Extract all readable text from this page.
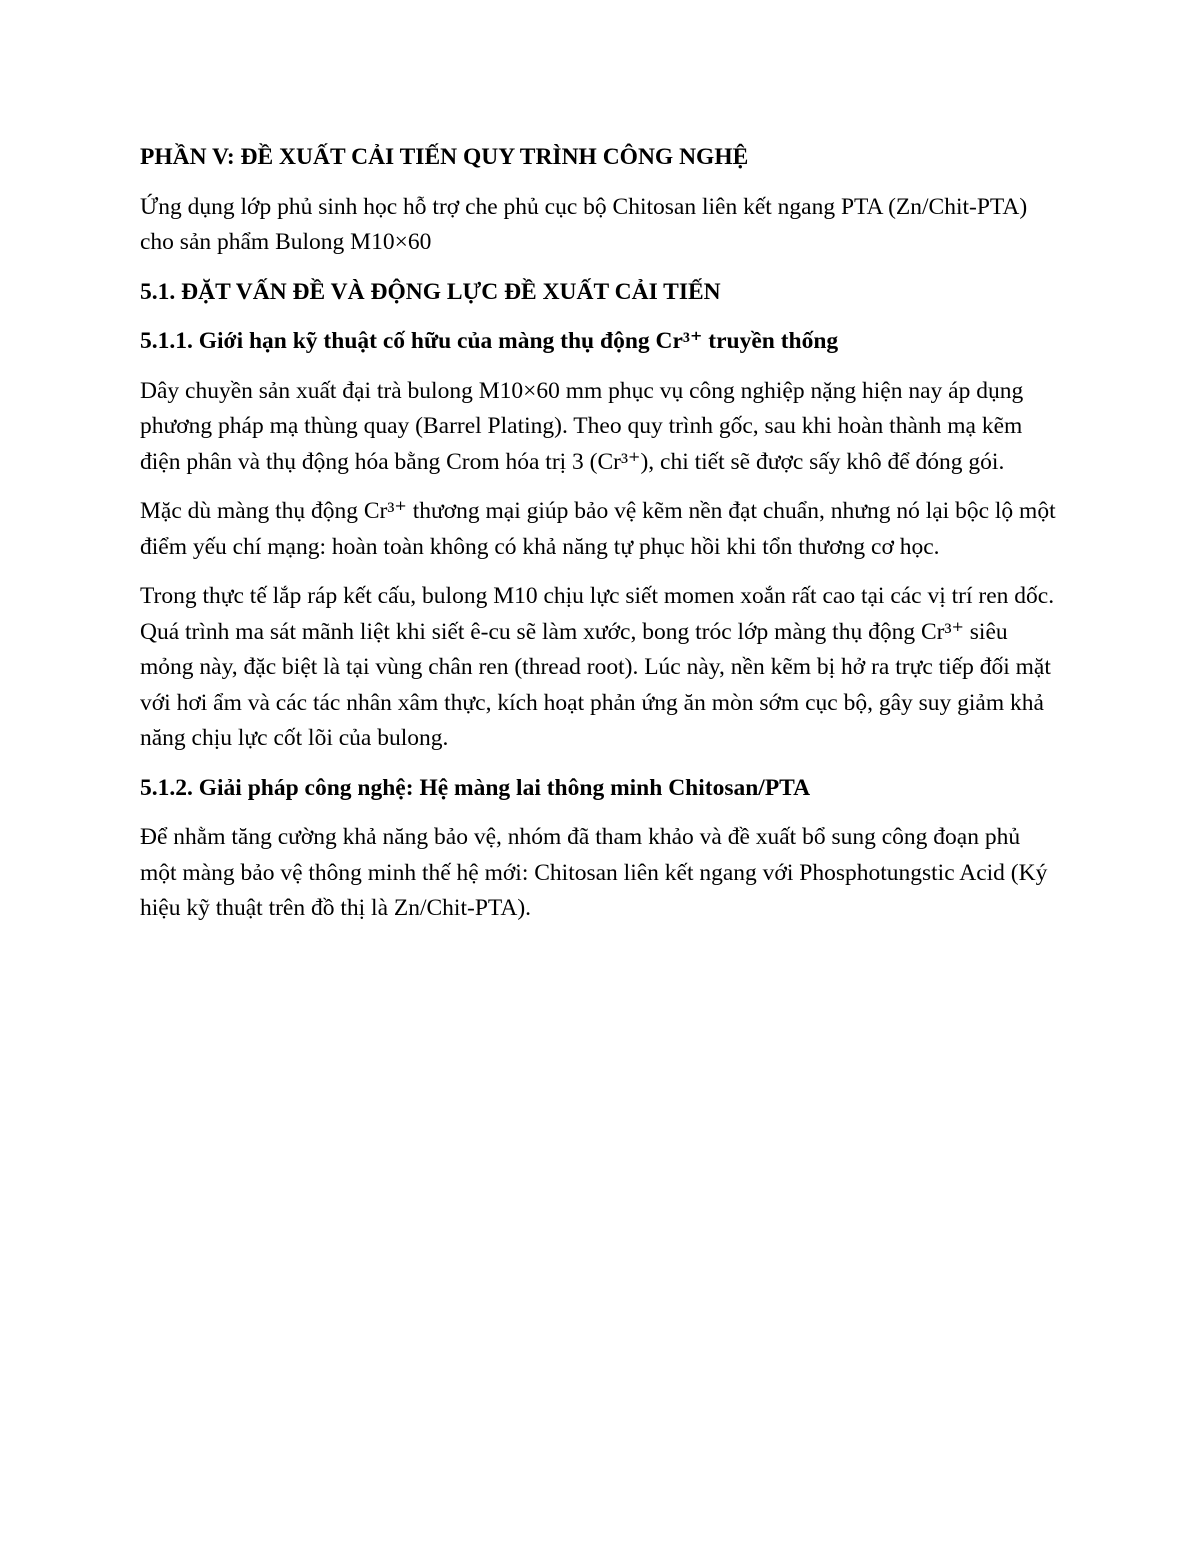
PHẦN V: ĐỀ XUẤT CẢI TIẾN QUY TRÌNH CÔNG NGHỆ

Ứng dụng lớp phủ sinh học hỗ trợ che phủ cục bộ Chitosan liên kết ngang PTA (Zn/Chit-PTA) cho sản phẩm Bulong M10×60

5.1. ĐẶT VẤN ĐỀ VÀ ĐỘNG LỰC ĐỀ XUẤT CẢI TIẾN

5.1.1. Giới hạn kỹ thuật cố hữu của màng thụ động Cr³⁺ truyền thống

Dây chuyền sản xuất đại trà bulong M10×60 mm phục vụ công nghiệp nặng hiện nay áp dụng phương pháp mạ thùng quay (Barrel Plating). Theo quy trình gốc, sau khi hoàn thành mạ kẽm điện phân và thụ động hóa bằng Crom hóa trị 3 (Cr³⁺), chi tiết sẽ được sấy khô để đóng gói.

Mặc dù màng thụ động Cr³⁺ thương mại giúp bảo vệ kẽm nền đạt chuẩn, nhưng nó lại bộc lộ một điểm yếu chí mạng: hoàn toàn không có khả năng tự phục hồi khi tổn thương cơ học.

Trong thực tế lắp ráp kết cấu, bulong M10 chịu lực siết momen xoắn rất cao tại các vị trí ren dốc. Quá trình ma sát mãnh liệt khi siết ê-cu sẽ làm xước, bong tróc lớp màng thụ động Cr³⁺ siêu mỏng này, đặc biệt là tại vùng chân ren (thread root). Lúc này, nền kẽm bị hở ra trực tiếp đối mặt với hơi ẩm và các tác nhân xâm thực, kích hoạt phản ứng ăn mòn sớm cục bộ, gây suy giảm khả năng chịu lực cốt lõi của bulong.

5.1.2. Giải pháp công nghệ: Hệ màng lai thông minh Chitosan/PTA

Để nhằm tăng cường khả năng bảo vệ, nhóm đã tham khảo và đề xuất bổ sung công đoạn phủ một màng bảo vệ thông minh thế hệ mới: Chitosan liên kết ngang với Phosphotungstic Acid (Ký hiệu kỹ thuật trên đồ thị là Zn/Chit-PTA).
